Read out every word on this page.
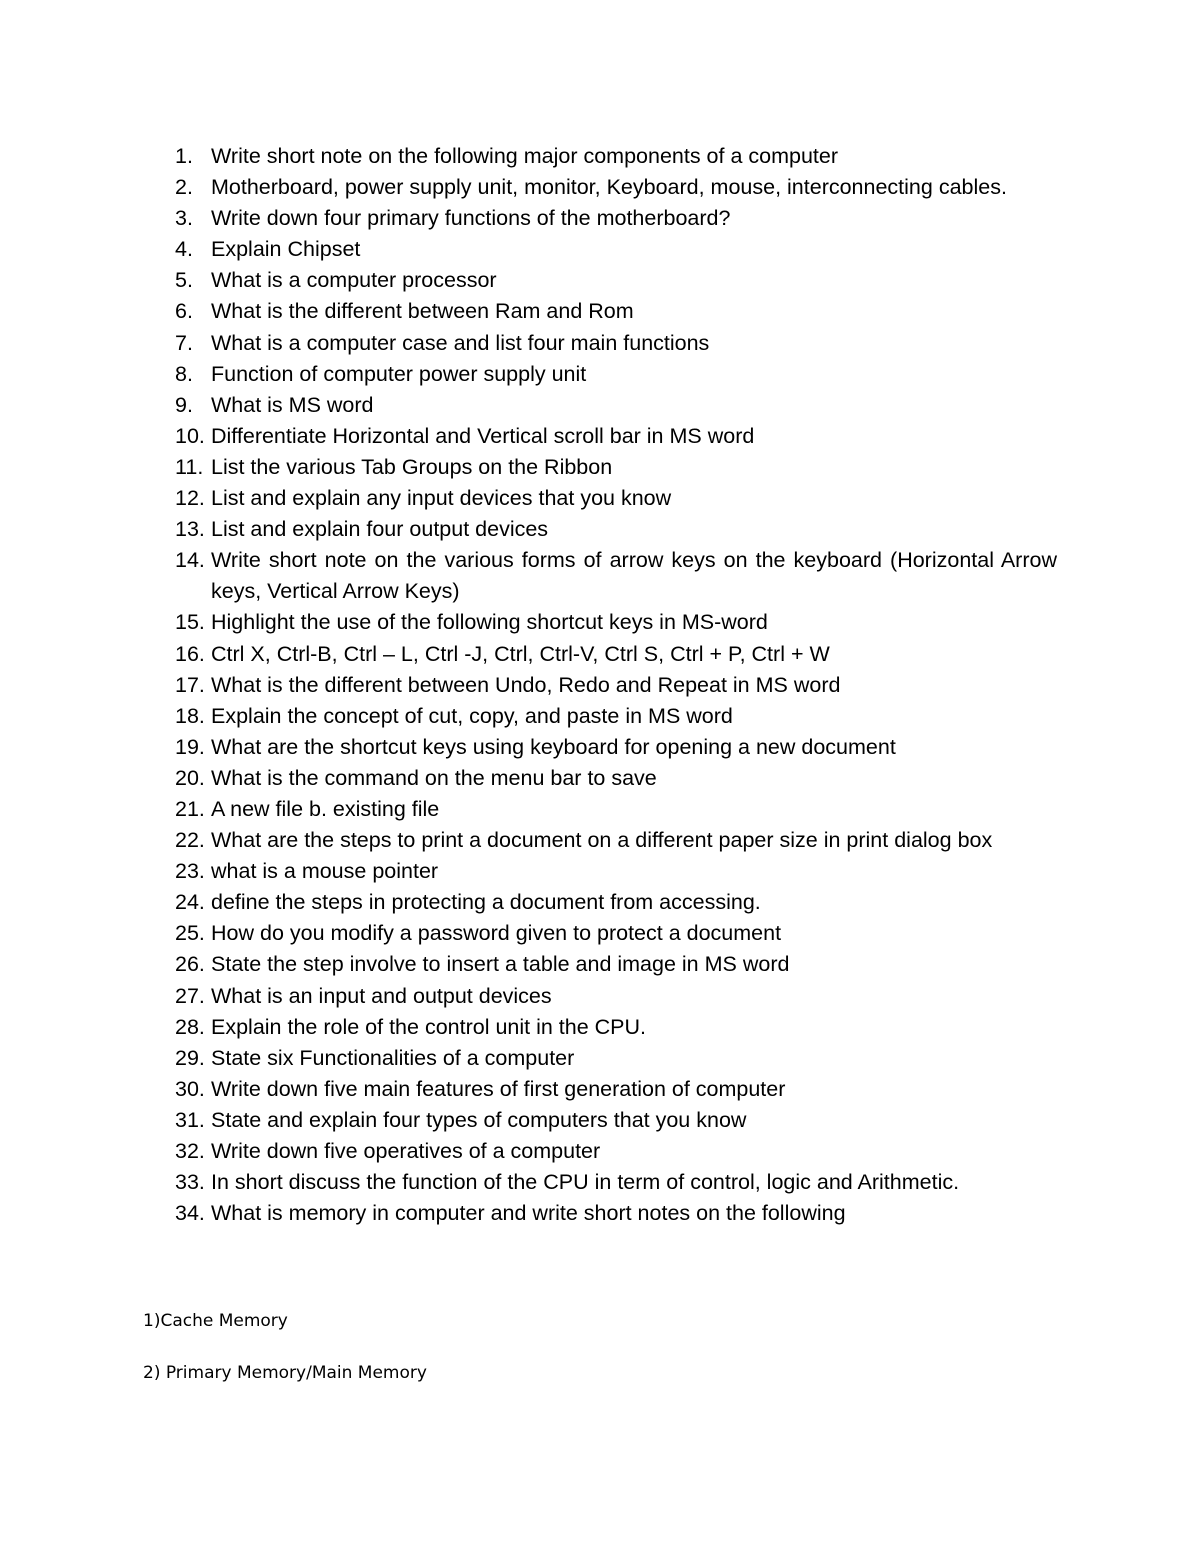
1. Write short note on the following major components of a computer
2. Motherboard, power supply unit, monitor, Keyboard, mouse, interconnecting cables.
3. Write down four primary functions of the motherboard?
4. Explain Chipset
5. What is a computer processor
6. What is the different between Ram and Rom
7. What is a computer case and list four main functions
8. Function of computer power supply unit
9. What is MS word
10. Differentiate Horizontal and Vertical scroll bar in MS word
11. List the various Tab Groups on the Ribbon
12. List and explain any input devices that you know
13. List and explain four output devices
14. Write short note on the various forms of arrow keys on the keyboard (Horizontal Arrow keys, Vertical Arrow Keys)
15. Highlight the use of the following shortcut keys in MS-word
16. Ctrl X, Ctrl-B, Ctrl – L, Ctrl -J, Ctrl, Ctrl-V, Ctrl S, Ctrl + P, Ctrl + W
17. What is the different between Undo, Redo and Repeat in MS word
18. Explain the concept of cut, copy, and paste in MS word
19. What are the shortcut keys using keyboard for opening a new document
20. What is the command on the menu bar to save
21. A new file b. existing file
22. What are the steps to print a document on a different paper size in print dialog box
23. what is a mouse pointer
24. define the steps in protecting a document from accessing.
25. How do you modify a password given to protect a document
26. State the step involve to insert a table and image in MS word
27. What is an input and output devices
28. Explain the role of the control unit in the CPU.
29. State six Functionalities of a computer
30. Write down five main features of first generation of computer
31. State and explain four types of computers that you know
32. Write down five operatives of a computer
33. In short discuss the function of the CPU in term of control, logic and Arithmetic.
34. What is memory in computer and write short notes on the following
1)Cache Memory
2) Primary Memory/Main Memory
